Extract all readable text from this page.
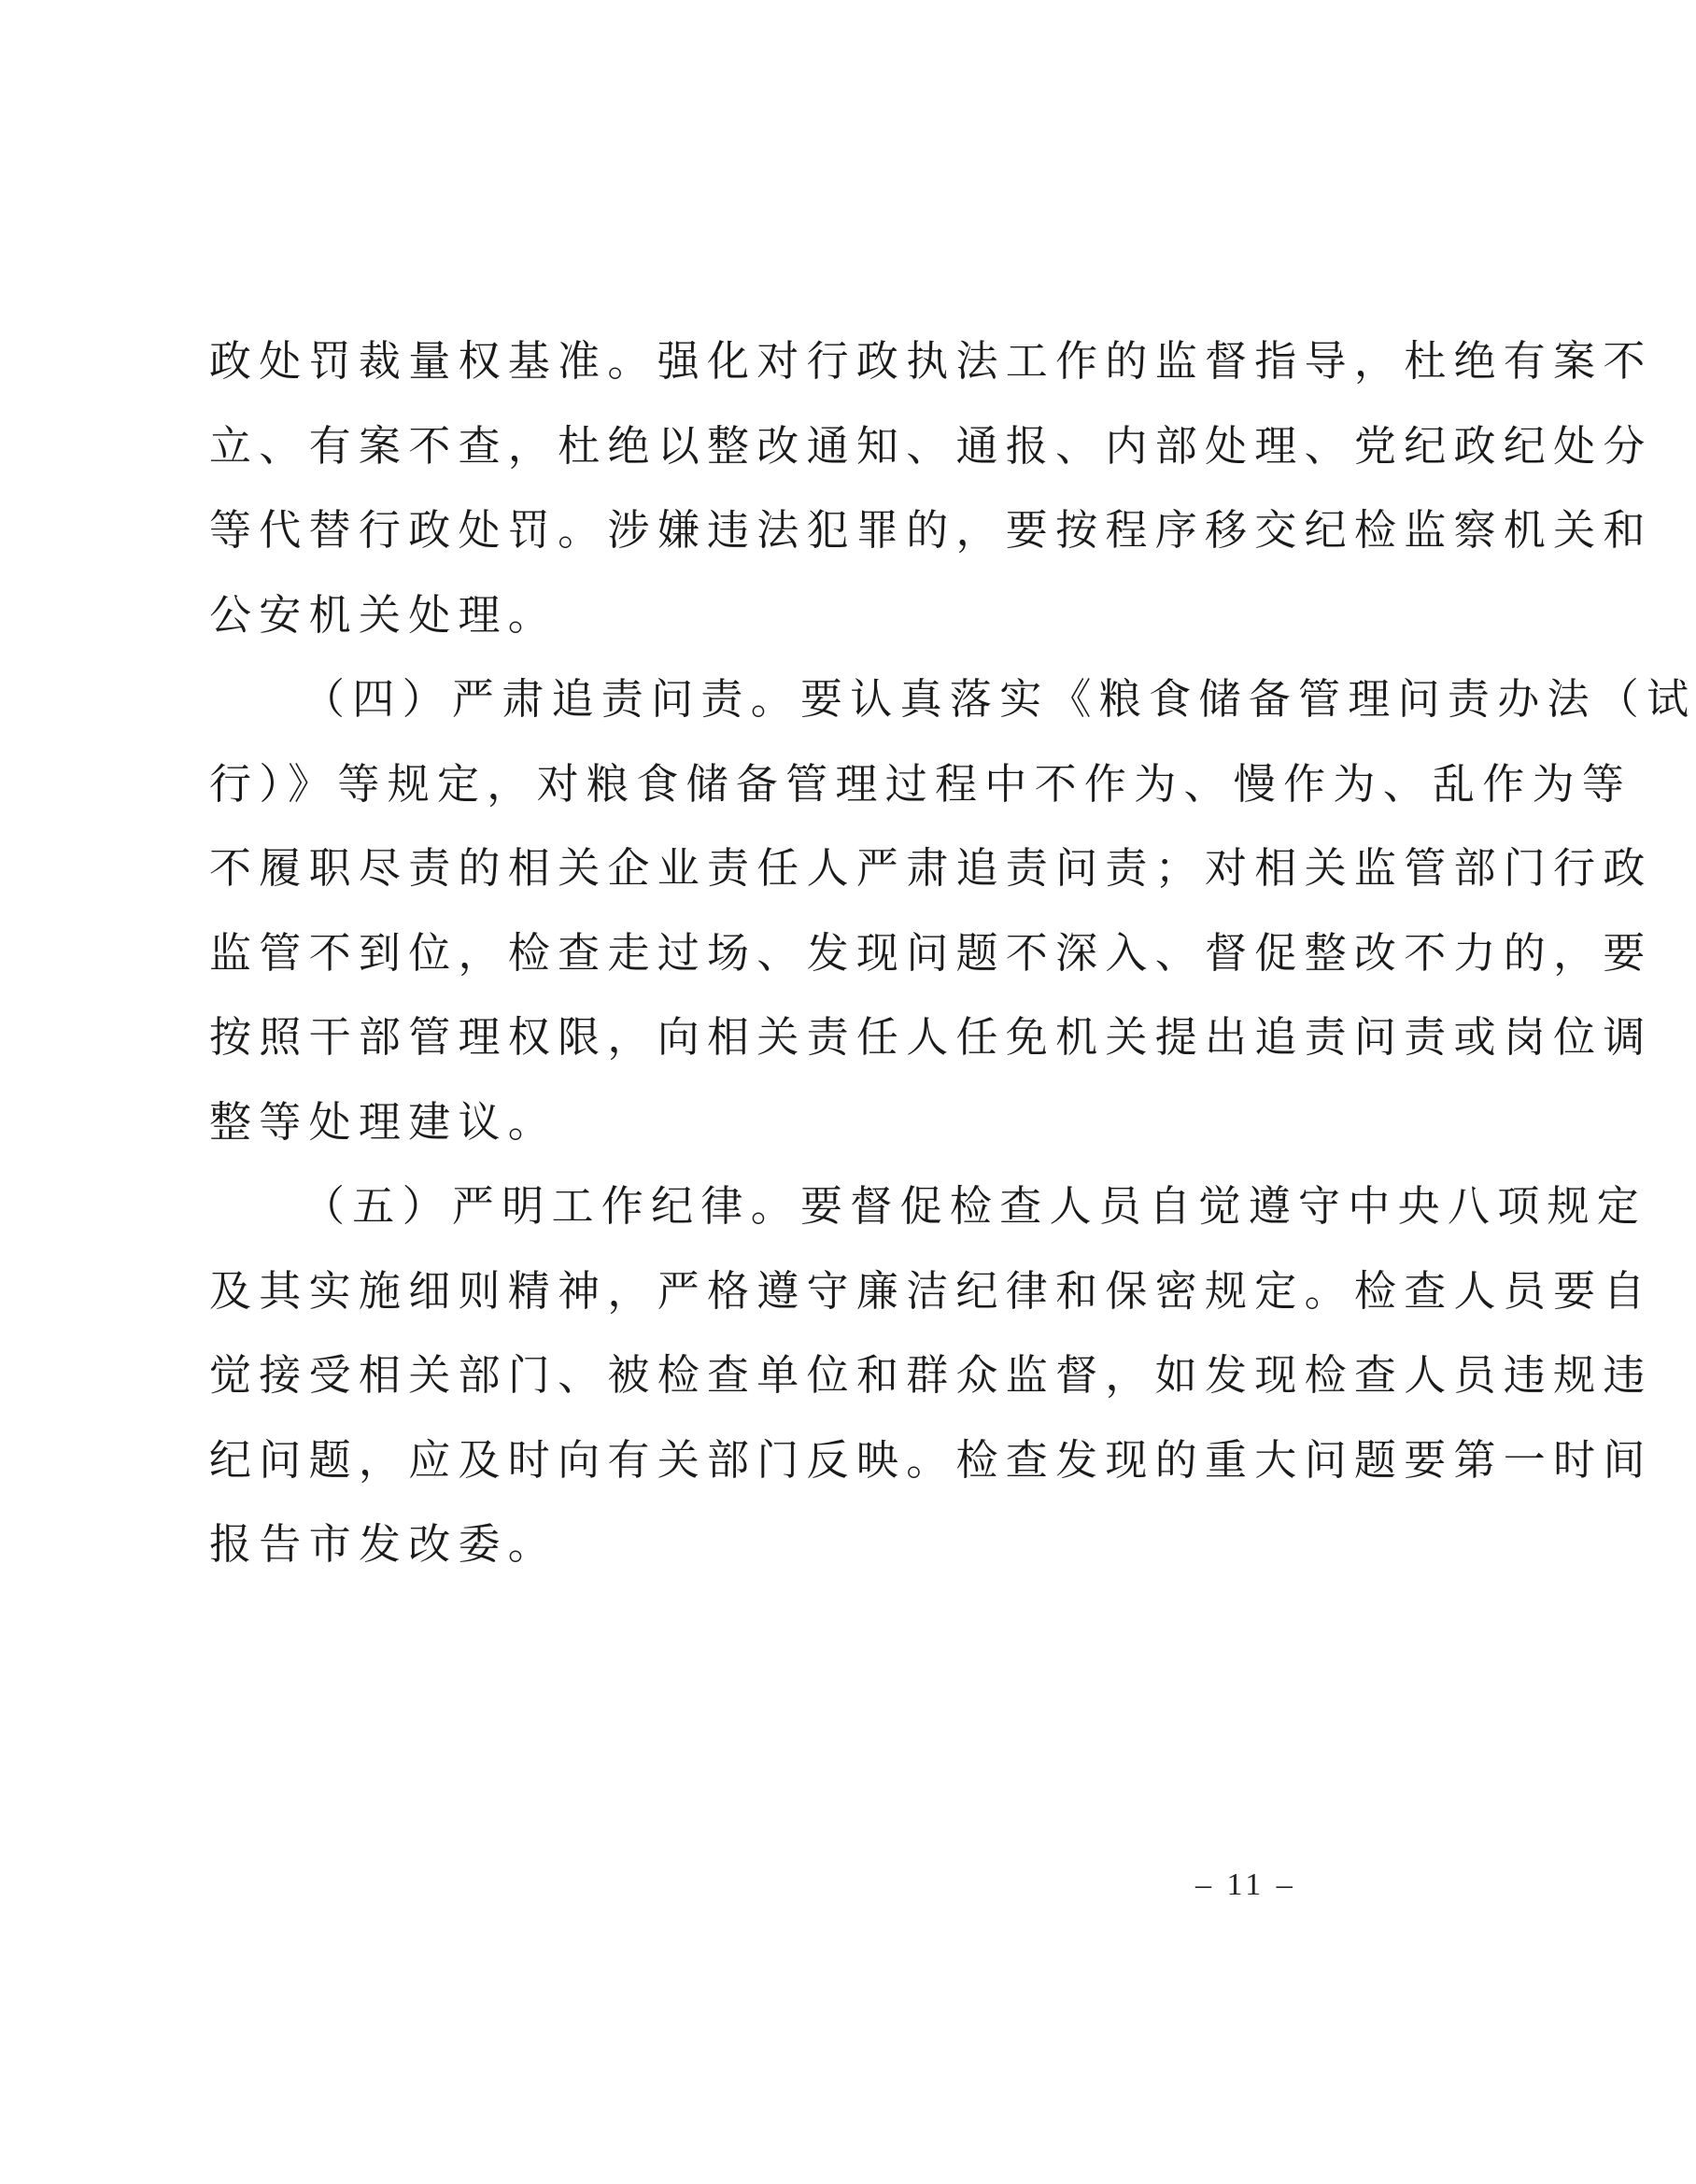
政处罚裁量权基准。强化对行政执法工作的监督指导，杜绝有案不
立、有案不查，杜绝以整改通知、通报、内部处理、党纪政纪处分
等代替行政处罚。涉嫌违法犯罪的，要按程序移交纪检监察机关和
公安机关处理。
（四）严肃追责问责。要认真落实《粮食储备管理问责办法（试
行）》等规定，对粮食储备管理过程中不作为、慢作为、乱作为等
不履职尽责的相关企业责任人严肃追责问责；对相关监管部门行政
监管不到位，检查走过场、发现问题不深入、督促整改不力的，要
按照干部管理权限，向相关责任人任免机关提出追责问责或岗位调
整等处理建议。
（五）严明工作纪律。要督促检查人员自觉遵守中央八项规定
及其实施细则精神，严格遵守廉洁纪律和保密规定。检查人员要自
觉接受相关部门、被检查单位和群众监督，如发现检查人员违规违
纪问题，应及时向有关部门反映。检查发现的重大问题要第一时间
报告市发改委。
– 11 –
